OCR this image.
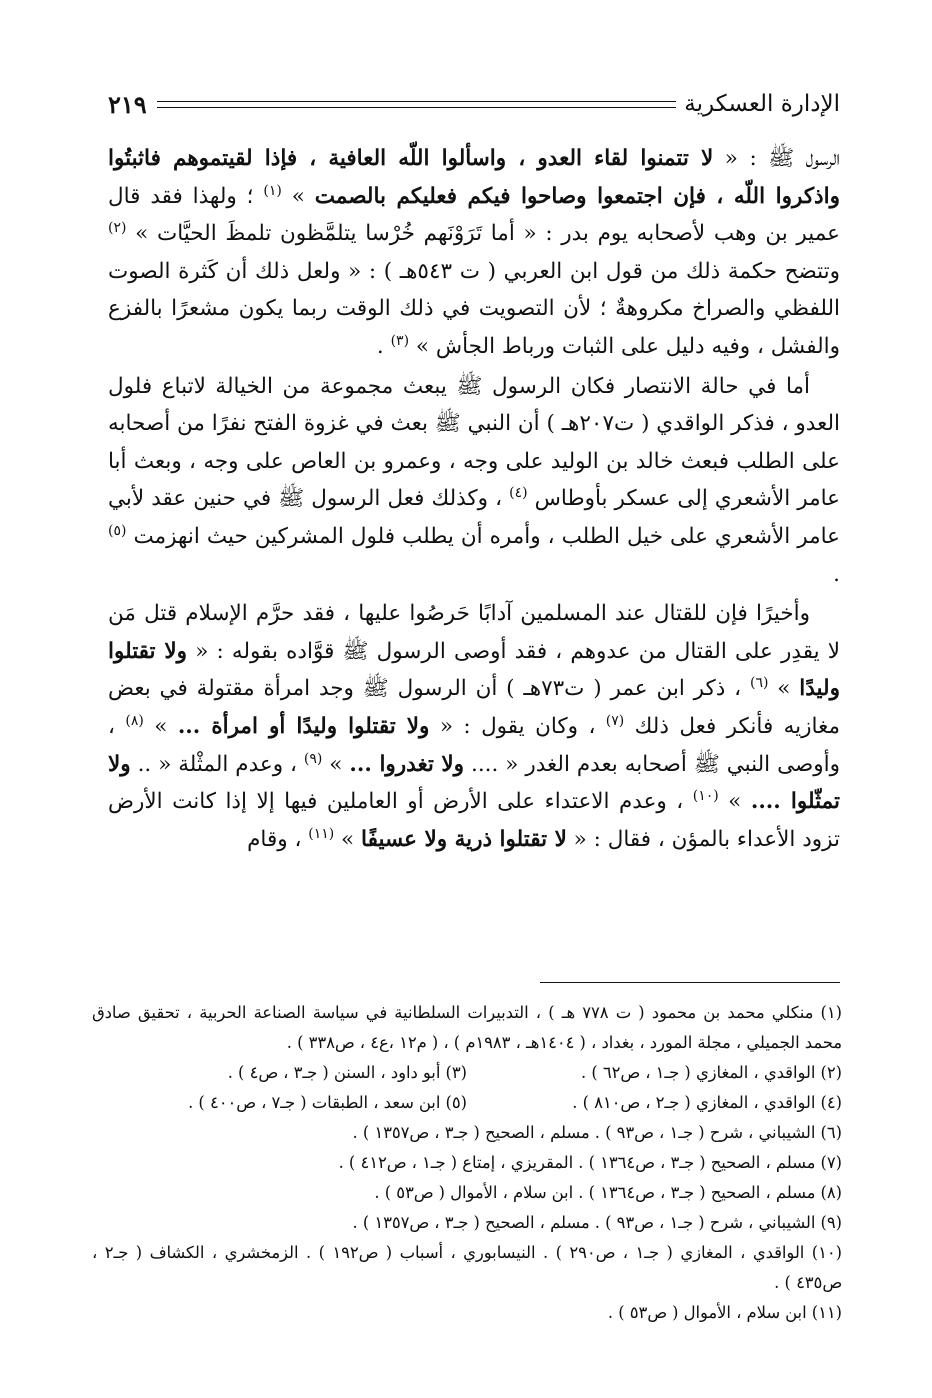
الإدارة العسكرية
٢١٩

الرسول ﷺ : « لا تتمنوا لقاء العدو ، واسألوا اللّه العافية ، فإذا لقيتموهم فاثبتُوا واذكروا اللّه ، فإن اجتمعوا وصاحوا فيكم فعليكم بالصمت » $^{(١)}$ ؛ ولهذا فقد قال عمير بن وهب لأصحابه يوم بدر : « أما تَرَوْنَهم خُرْسا يتلمَّظون تلمظَ الحيَّات » $^{(٢)}$ وتتضح حكمة ذلك من قول ابن العربي ( ت ٥٤٣هـ ) : « ولعل ذلك أن كَثرة الصوت اللفظي والصراخ مكروهةٌ ؛ لأن التصويت في ذلك الوقت ربما يكون مشعرًا بالفزع والفشل ، وفيه دليل على الثبات ورباط الجأش » $^{(٣)}$ .

أما في حالة الانتصار فكان الرسول ﷺ يبعث مجموعة من الخيالة لاتباع فلول العدو ، فذكر الواقدي ( ت٢٠٧هـ ) أن النبي ﷺ بعث في غزوة الفتح نفرًا من أصحابه على الطلب فبعث خالد بن الوليد على وجه ، وعمرو بن العاص على وجه ، وبعث أبا عامر الأشعري إلى عسكر بأوطاس $^{(٤)}$ ، وكذلك فعل الرسول ﷺ في حنين عقد لأبي عامر الأشعري على خيل الطلب ، وأمره أن يطلب فلول المشركين حيث انهزمت $^{(٥)}$ .

وأخيرًا فإن للقتال عند المسلمين آدابًا حَرصُوا عليها ، فقد حرَّم الإسلام قتل مَن لا يقدِر على القتال من عدوهم ، فقد أوصى الرسول ﷺ قوَّاده بقوله : « ولا تقتلوا وليدًا » $^{(٦)}$ ، ذكر ابن عمر ( ت٧٣هـ ) أن الرسول ﷺ وجد امرأة مقتولة في بعض مغازيه فأنكر فعل ذلك $^{(٧)}$ ، وكان يقول : « ولا تقتلوا وليدًا أو امرأة ... » $^{(٨)}$ ، وأوصى النبي ﷺ أصحابه بعدم الغدر « .... ولا تغدروا ... » $^{(٩)}$ ، وعدم المثْلة « .. ولا تمثّلوا .... » $^{(١٠)}$ ، وعدم الاعتداء على الأرض أو العاملين فيها إلا إذا كانت الأرض تزود الأعداء بالمؤن ، فقال : « لا تقتلوا ذرية ولا عسيفًا » $^{(١١)}$ ، وقام

(١) منكلي محمد بن محمود ( ت ٧٧٨ هـ ) ، التدبيرات السلطانية في سياسة الصناعة الحربية ، تحقيق صادق محمد الجميلي ، مجلة المورد ، بغداد ، ( ١٤٠٤هـ ، ١٩٨٣م ) ، ( م١٢ ،ع٤ ، ص٣٣٨ ) .
(٢) الواقدي ، المغازي ( جـ١ ، ص٦٢ ) .
(٣) أبو داود ، السنن ( جـ٣ ، ص٤ ) .
(٤) الواقدي ، المغازي ( جـ٢ ، ص٨١٠ ) .
(٥) ابن سعد ، الطبقات ( جـ٧ ، ص٤٠٠ ) .
(٦) الشيباني ، شرح ( جـ١ ، ص٩٣ ) . مسلم ، الصحيح ( جـ٣ ، ص١٣٥٧ ) .
(٧) مسلم ، الصحيح ( جـ٣ ، ص١٣٦٤ ) . المقريزي ، إمتاع ( جـ١ ، ص٤١٢ ) .
(٨) مسلم ، الصحيح ( جـ٣ ، ص١٣٦٤ ) . ابن سلام ، الأموال ( ص٥٣ ) .
(٩) الشيباني ، شرح ( جـ١ ، ص٩٣ ) . مسلم ، الصحيح ( جـ٣ ، ص١٣٥٧ ) .
(١٠) الواقدي ، المغازي ( جـ١ ، ص٢٩٠ ) . النيسابوري ، أسباب ( ص١٩٢ ) . الزمخشري ، الكشاف ( جـ٢ ، ص٤٣٥ ) .
(١١) ابن سلام ، الأموال ( ص٥٣ ) .
